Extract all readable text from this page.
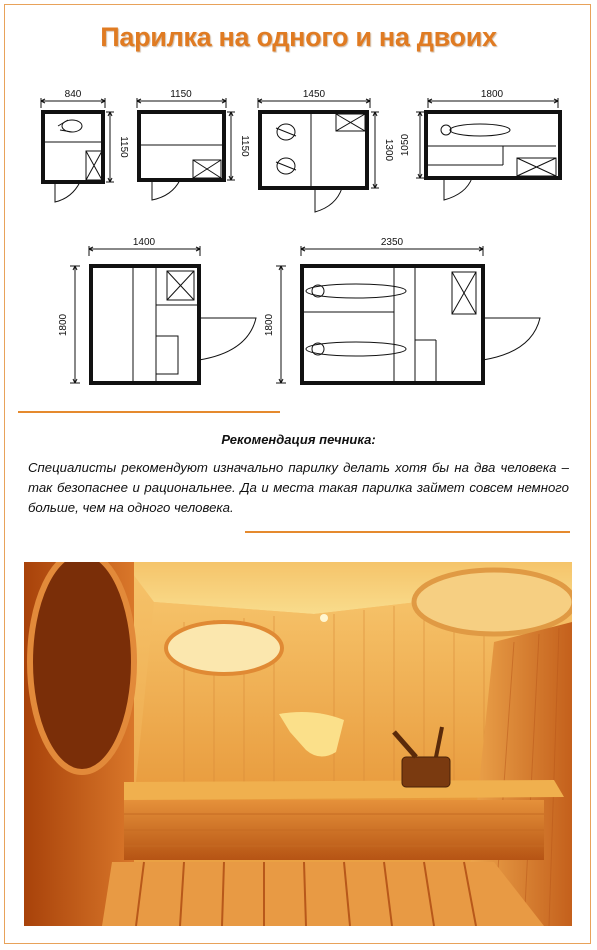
Парилка на одного и на двоих
840
1150
1150
1150
1450
1300
1800
1050
1400
1800
2350
1800
Рекомендация печника:
Специалисты рекомендуют изначально парилку делать хотя бы на два человека – так безопаснее и рациональнее. Да и места такая парилка займет совсем немного больше, чем на одного человека.
